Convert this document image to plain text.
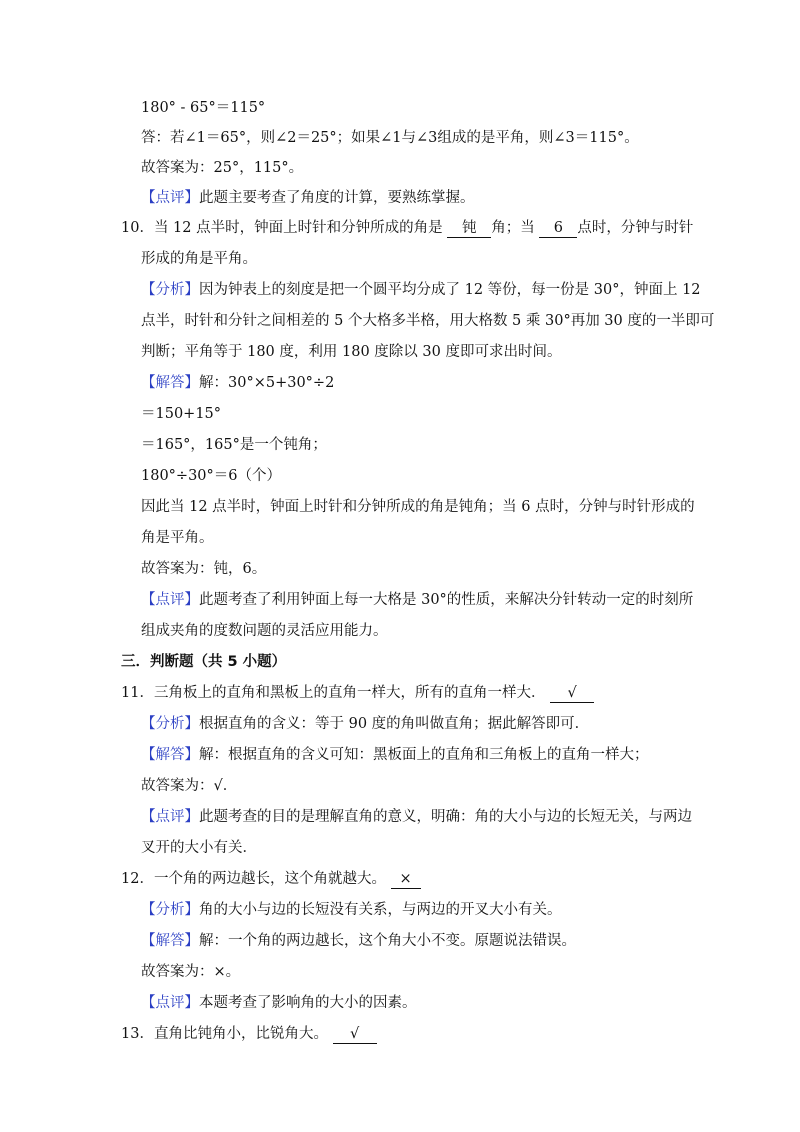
180° - 65°＝115°
答：若∠1＝65°，则∠2＝25°；如果∠1与∠3组成的是平角，则∠3＝115°。
故答案为：25°，115°。
【点评】此题主要考查了角度的计算，要熟练掌握。
10．当 12 点半时，钟面上时针和分钟所成的角是 钝 角；当 6 点时，分钟与时针
形成的角是平角。
【分析】因为钟表上的刻度是把一个圆平均分成了 12 等份，每一份是 30°，钟面上 12
点半，时针和分针之间相差的 5 个大格多半格，用大格数 5 乘 30°再加 30 度的一半即可
判断；平角等于 180 度，利用 180 度除以 30 度即可求出时间。
【解答】解：30°×5+30°÷2
＝150+15°
＝165°，165°是一个钝角；
180°÷30°＝6（个）
因此当 12 点半时，钟面上时针和分钟所成的角是钝角；当 6 点时，分钟与时针形成的
角是平角。
故答案为：钝，6。
【点评】此题考查了利用钟面上每一大格是 30°的性质，来解决分针转动一定的时刻所
组成夹角的度数问题的灵活应用能力。
三．判断题（共 5 小题）
11．三角板上的直角和黑板上的直角一样大，所有的直角一样大． √
【分析】根据直角的含义：等于 90 度的角叫做直角；据此解答即可．
【解答】解：根据直角的含义可知：黑板面上的直角和三角板上的直角一样大；
故答案为：√．
【点评】此题考查的目的是理解直角的意义，明确：角的大小与边的长短无关，与两边
叉开的大小有关．
12．一个角的两边越长，这个角就越大。 ×
【分析】角的大小与边的长短没有关系，与两边的开叉大小有关。
【解答】解：一个角的两边越长，这个角大小不变。原题说法错误。
故答案为：×。
【点评】本题考查了影响角的大小的因素。
13．直角比钝角小，比锐角大。 √
